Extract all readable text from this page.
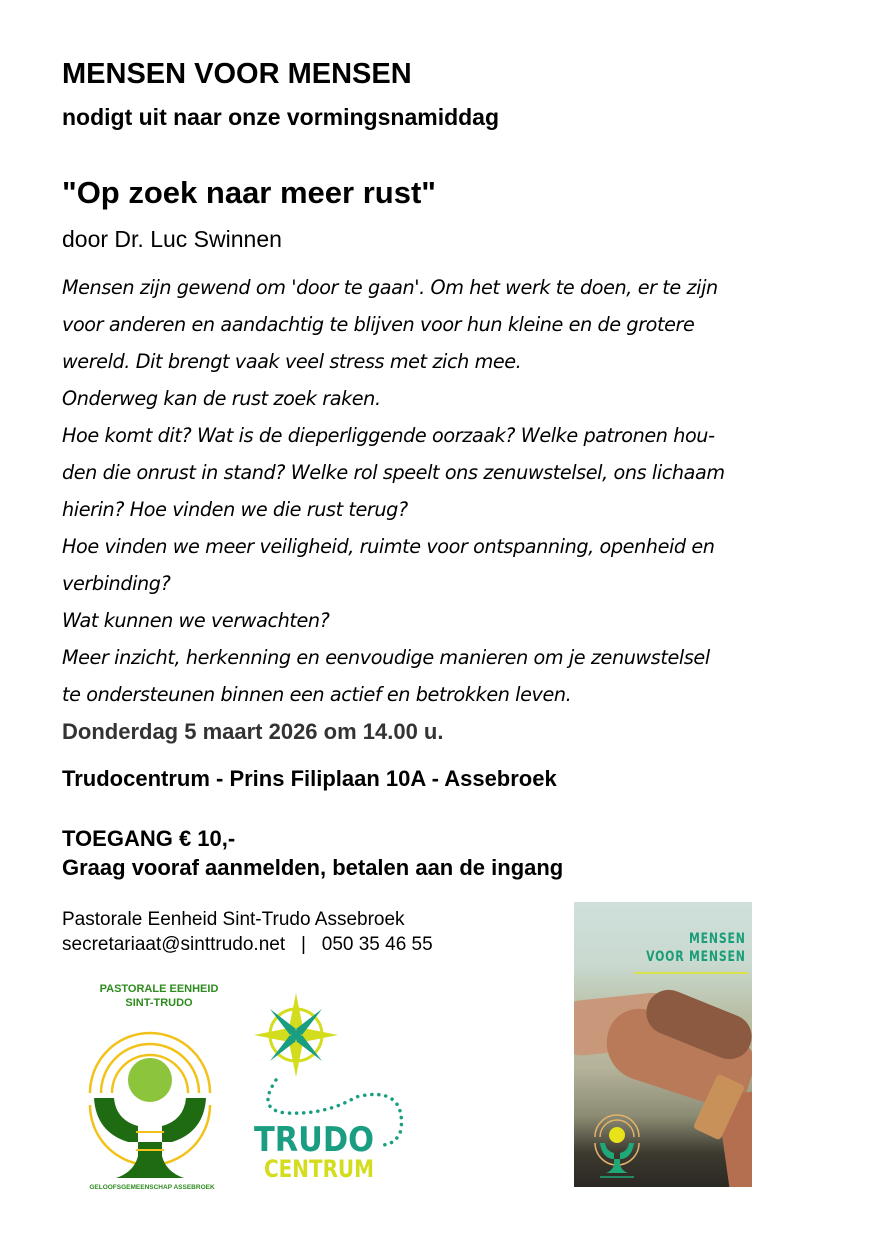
MENSEN VOOR MENSEN
nodigt uit naar onze vormingsnamiddag
"Op zoek naar meer rust"
door Dr. Luc Swinnen
Mensen zijn gewend om 'door te gaan'. Om het werk te doen, er te zijn
voor anderen en aandachtig te blijven voor hun kleine en de grotere
wereld. Dit brengt vaak veel stress met zich mee.
Onderweg kan de rust zoek raken.
Hoe komt dit? Wat is de dieperliggende oorzaak? Welke patronen hou-
den die onrust in stand? Welke rol speelt ons zenuwstelsel, ons lichaam
hierin? Hoe vinden we die rust terug?
Hoe vinden we meer veiligheid, ruimte voor ontspanning, openheid en
verbinding?
Wat kunnen we verwachten?
Meer inzicht, herkenning en eenvoudige manieren om je zenuwstelsel
te ondersteunen binnen een actief en betrokken leven.
Donderdag 5 maart 2026 om 14.00 u.
Trudocentrum - Prins Filiplaan 10A - Assebroek
TOEGANG € 10,-
Graag vooraf aanmelden, betalen aan de ingang
Pastorale Eenheid Sint-Trudo Assebroek
secretariaat@sinttrudo.net | 050 35 46 55
PASTORALE EENHEID
SINT-TRUDO
GELOOFSGEMEENSCHAP ASSEBROEK
TRUDO
CENTRUM
MENSEN
VOOR MENSEN
